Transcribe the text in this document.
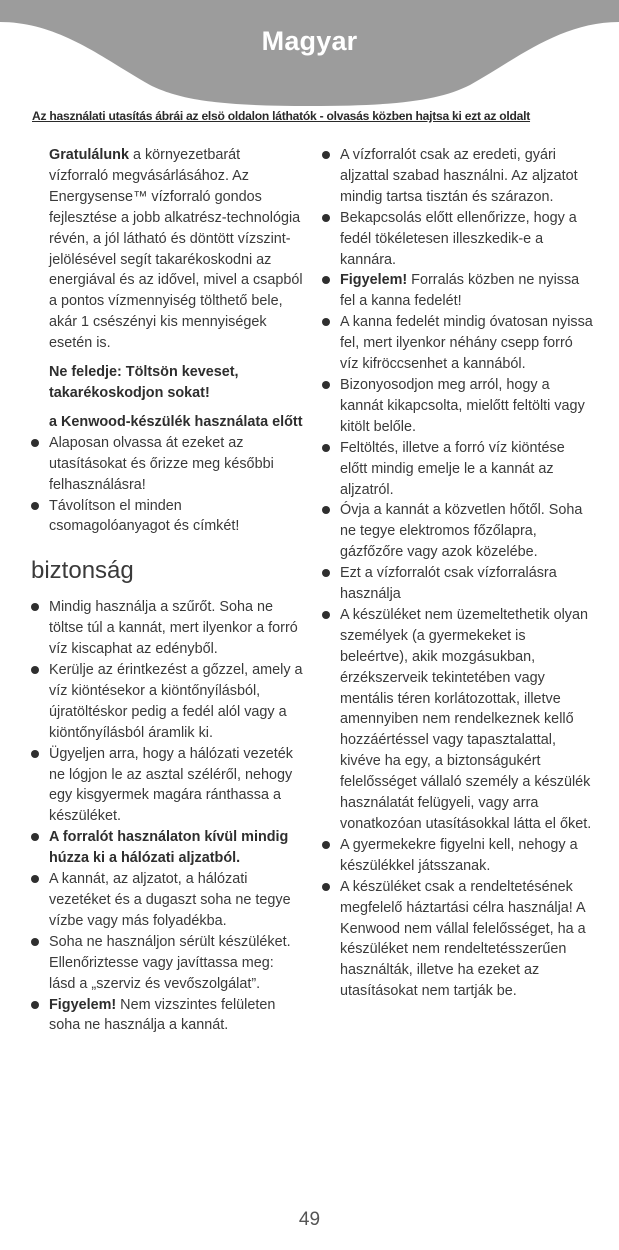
Magyar
Az használati utasítás ábrái az elsö oldalon láthatók - olvasás közben hajtsa ki ezt az oldalt

Gratulálunk a környezetbarát vízforraló megvásárlásához. Az Energysense™ vízforraló gondos fejlesztése a jobb alkatrész-technológia révén, a jól látható és döntött vízszint-jelölésével segít takarékoskodni az energiával és az idővel, mivel a csapból a pontos vízmennyiség tölthető bele, akár 1 csészényi kis mennyiségek esetén is.

Ne feledje: Töltsön keveset, takarékoskodjon sokat!

a Kenwood-készülék használata előtt

Alaposan olvassa át ezeket az utasításokat és őrizze meg későbbi felhasználásra!
Távolítson el minden csomagolóanyagot és címkét!

biztonság

Mindig használja a szűrőt. Soha ne töltse túl a kannát, mert ilyenkor a forró víz kiscaphat az edényből.
Kerülje az érintkezést a gőzzel, amely a víz kiöntésekor a kiöntőnyílásból, újratöltéskor pedig a fedél alól vagy a kiöntőnyílásból áramlik ki.
Ügyeljen arra, hogy a hálózati vezeték ne lógjon le az asztal széléről, nehogy egy kisgyermek magára ránthassa a készüléket.
A forralót használaton kívül mindig húzza ki a hálózati aljzatból.
A kannát, az aljzatot, a hálózati vezetéket és a dugaszt soha ne tegye vízbe vagy más folyadékba.
Soha ne használjon sérült készüléket. Ellenőriztesse vagy javíttassa meg: lásd a „szerviz és vevőszolgálat”.
Figyelem! Nem vizszintes felületen soha ne használja a kannát.
A vízforralót csak az eredeti, gyári aljzattal szabad használni. Az aljzatot mindig tartsa tisztán és szárazon.
Bekapcsolás előtt ellenőrizze, hogy a fedél tökéletesen illeszkedik-e a kannára.
Figyelem! Forralás közben ne nyissa fel a kanna fedelét!
A kanna fedelét mindig óvatosan nyissa fel, mert ilyenkor néhány csepp forró víz kifröccsenhet a kannából.
Bizonyosodjon meg arról, hogy a kannát kikapcsolta, mielőtt feltölti vagy kitölt belőle.
Feltöltés, illetve a forró víz kiöntése előtt mindig emelje le a kannát az aljzatról.
Óvja a kannát a közvetlen hőtől. Soha ne tegye elektromos főzőlapra, gázfőzőre vagy azok közelébe.
Ezt a vízforralót csak vízforralásra használja
A készüléket nem üzemeltethetik olyan személyek (a gyermekeket is beleértve), akik mozgásukban, érzékszerveik tekintetében vagy mentális téren korlátozottak, illetve amennyiben nem rendelkeznek kellő hozzáértéssel vagy tapasztalattal, kivéve ha egy, a biztonságukért felelősséget vállaló személy a készülék használatát felügyeli, vagy arra vonatkozóan utasításokkal látta el őket.
A gyermekekre figyelni kell, nehogy a készülékkel játsszanak.
A készüléket csak a rendeltetésének megfelelő háztartási célra használja! A Kenwood nem vállal felelősséget, ha a készüléket nem rendeltetésszerűen használták, illetve ha ezeket az utasításokat nem tartják be.
49
